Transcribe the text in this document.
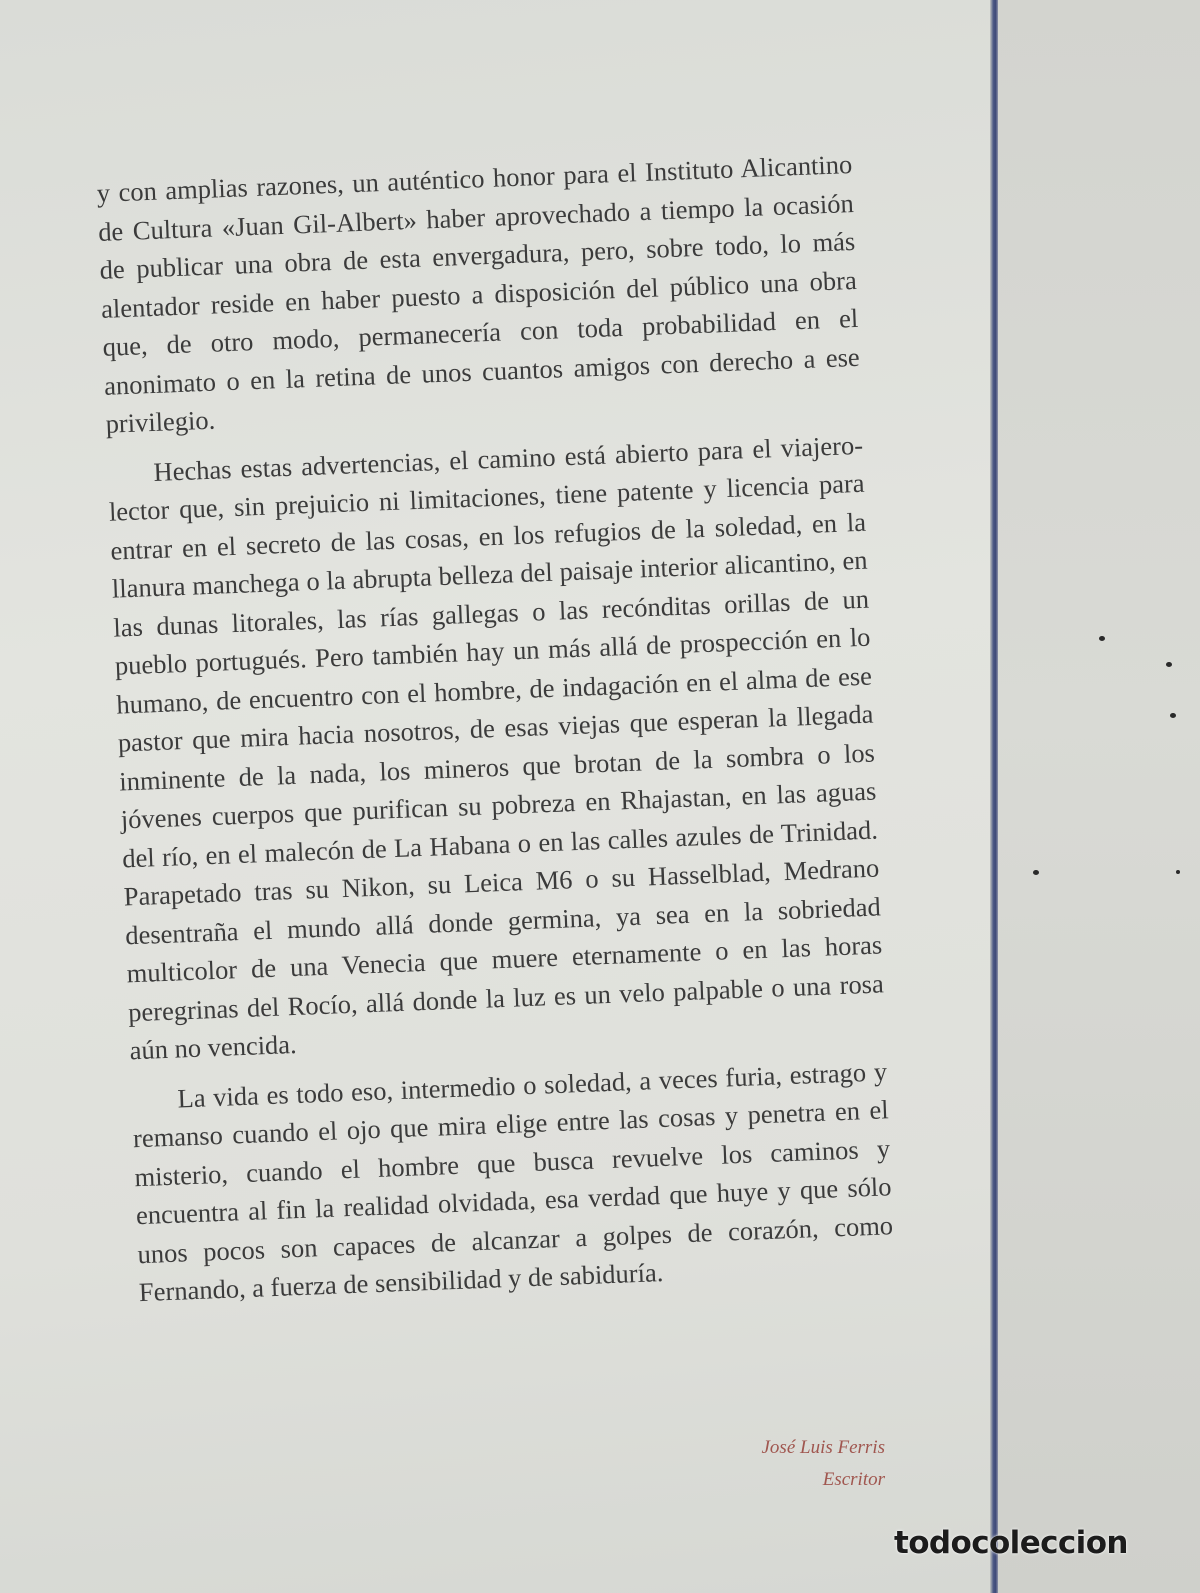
y con amplias razones, un auténtico honor para el Instituto Alicantino de Cultura «Juan Gil-Albert» haber aprovechado a tiempo la ocasión de publicar una obra de esta envergadura, pero, sobre todo, lo más alentador reside en haber puesto a disposición del público una obra que, de otro modo, permanecería con toda probabilidad en el anonimato o en la retina de unos cuantos amigos con derecho a ese privilegio.

Hechas estas advertencias, el camino está abierto para el viajero-lector que, sin prejuicio ni limitaciones, tiene patente y licencia para entrar en el secreto de las cosas, en los refugios de la soledad, en la llanura manchega o la abrupta belleza del paisaje interior alicantino, en las dunas litorales, las rías gallegas o las recónditas orillas de un pueblo portugués. Pero también hay un más allá de prospección en lo humano, de encuentro con el hombre, de indagación en el alma de ese pastor que mira hacia nosotros, de esas viejas que esperan la llegada inminente de la nada, los mineros que brotan de la sombra o los jóvenes cuerpos que purifican su pobreza en Rhajastan, en las aguas del río, en el malecón de La Habana o en las calles azules de Trinidad. Parapetado tras su Nikon, su Leica M6 o su Hasselblad, Medrano desentraña el mundo allá donde germina, ya sea en la sobriedad multicolor de una Venecia que muere eternamente o en las horas peregrinas del Rocío, allá donde la luz es un velo palpable o una rosa aún no vencida.

La vida es todo eso, intermedio o soledad, a veces furia, estrago y remanso cuando el ojo que mira elige entre las cosas y penetra en el misterio, cuando el hombre que busca revuelve los caminos y encuentra al fin la realidad olvidada, esa verdad que huye y que sólo unos pocos son capaces de alcanzar a golpes de corazón, como Fernando, a fuerza de sensibilidad y de sabiduría.

José Luis Ferris
Escritor
todocoleccion
